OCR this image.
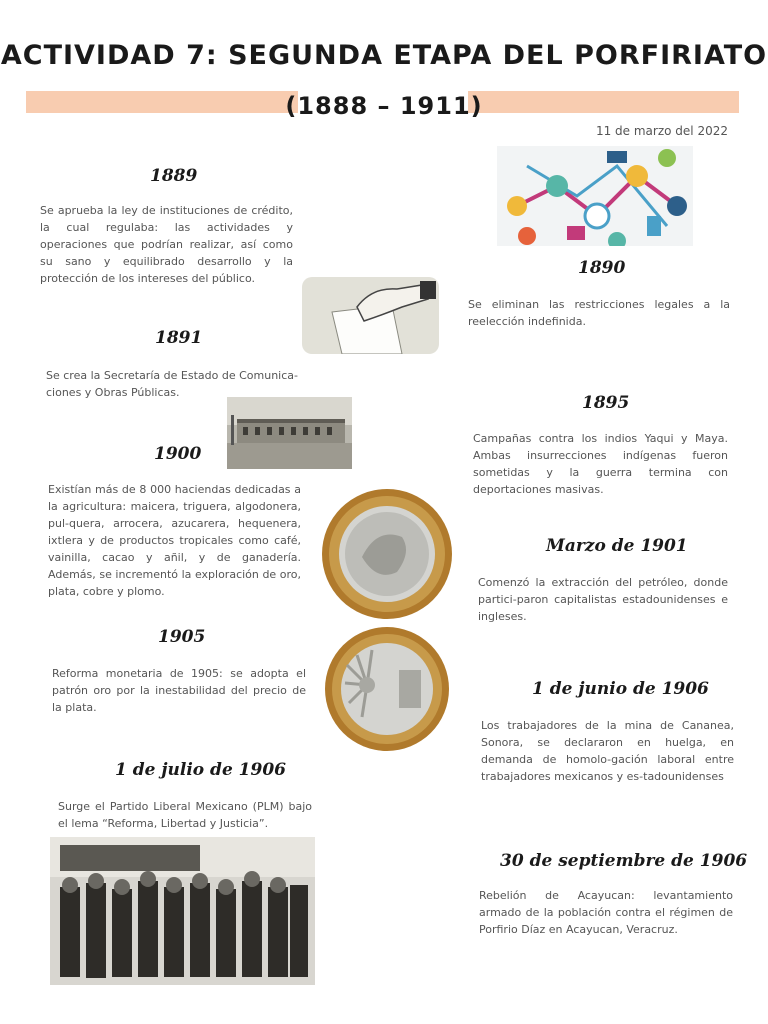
ACTIVIDAD 7: SEGUNDA ETAPA DEL PORFIRIATO
(1888 – 1911)
11 de marzo del 2022
1889
Se aprueba la ley de instituciones de crédito, la cual regulaba: las actividades y operaciones que podrían realizar, así como su sano y equilibrado desarrollo y la protección de los intereses del público.
1890
Se eliminan las restricciones legales a la reelección indefinida.
1891
Se crea la Secretaría de Estado de Comunica-ciones y Obras Públicas.
1895
Campañas contra los indios Yaqui y Maya. Ambas insurrecciones indígenas fueron sometidas y la guerra termina con deportaciones masivas.
1900
Existían más de 8 000 haciendas dedicadas a la agricultura: maicera, triguera, algodonera, pul-quera, arrocera, azucarera, hequenera, ixtlera y de productos tropicales como café, vainilla, cacao y añil, y de ganadería. Además, se incrementó la exploración de oro, plata, cobre y plomo.
Marzo de 1901
Comenzó la extracción del petróleo, donde partici-paron capitalistas estadounidenses e ingleses.
1905
Reforma monetaria de 1905: se adopta el patrón oro por la inestabilidad del precio de la plata.
1 de junio de 1906
Los trabajadores de la mina de Cananea, Sonora, se declararon en huelga, en demanda de homolo-gación laboral entre trabajadores mexicanos y es-tadounidenses
1 de julio de 1906
Surge el Partido Liberal Mexicano (PLM) bajo el lema “Reforma, Libertad y Justicia”.
30 de septiembre de 1906
Rebelión de Acayucan: levantamiento armado de la población contra el régimen de Porfirio Díaz en Acayucan, Veracruz.
